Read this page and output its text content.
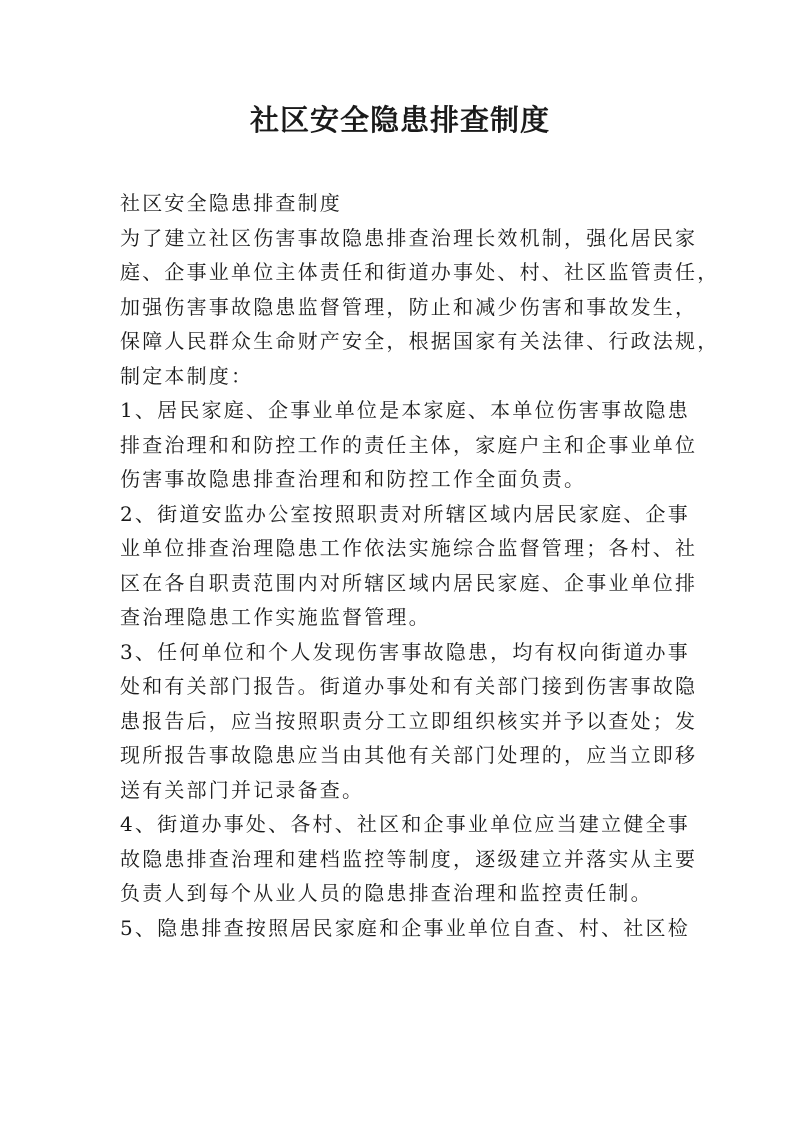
社区安全隐患排查制度
社区安全隐患排查制度
为了建立社区伤害事故隐患排查治理长效机制，强化居民家
庭、企事业单位主体责任和街道办事处、村、社区监管责任，
加强伤害事故隐患监督管理，防止和减少伤害和事故发生，
保障人民群众生命财产安全，根据国家有关法律、行政法规，
制定本制度：
1、居民家庭、企事业单位是本家庭、本单位伤害事故隐患
排查治理和和防控工作的责任主体，家庭户主和企事业单位
伤害事故隐患排查治理和和防控工作全面负责。
2、街道安监办公室按照职责对所辖区域内居民家庭、企事
业单位排查治理隐患工作依法实施综合监督管理；各村、社
区在各自职责范围内对所辖区域内居民家庭、企事业单位排
查治理隐患工作实施监督管理。
3、任何单位和个人发现伤害事故隐患，均有权向街道办事
处和有关部门报告。街道办事处和有关部门接到伤害事故隐
患报告后，应当按照职责分工立即组织核实并予以查处；发
现所报告事故隐患应当由其他有关部门处理的，应当立即移
送有关部门并记录备查。
4、街道办事处、各村、社区和企事业单位应当建立健全事
故隐患排查治理和建档监控等制度，逐级建立并落实从主要
负责人到每个从业人员的隐患排查治理和监控责任制。
5、隐患排查按照居民家庭和企事业单位自查、村、社区检
